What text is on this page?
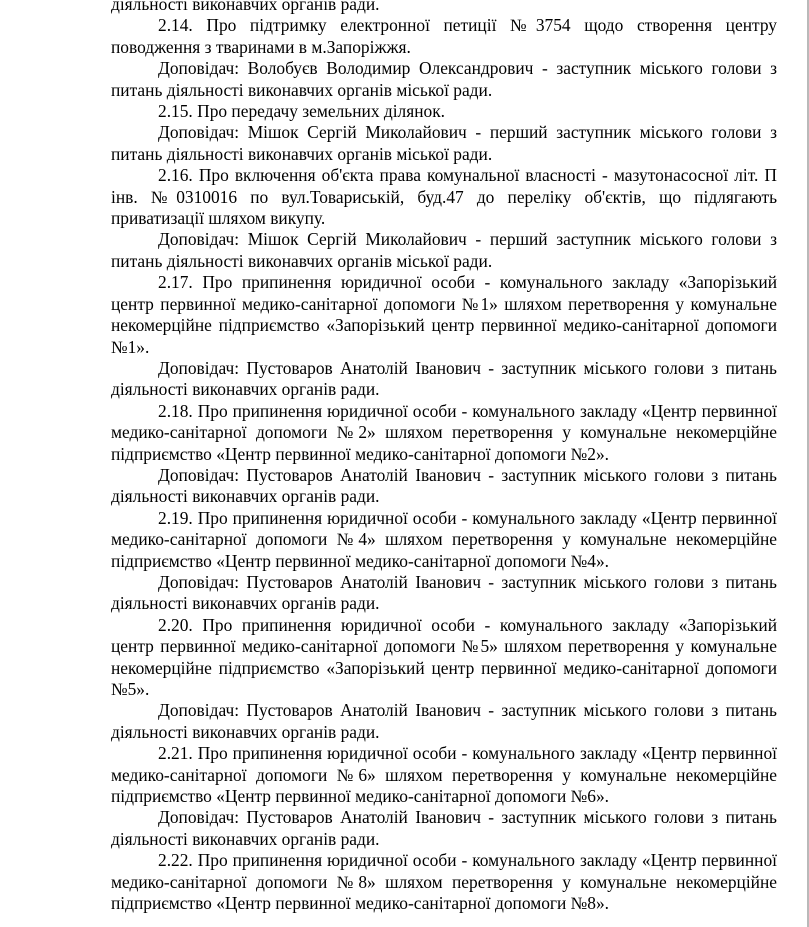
діяльності виконавчих органів ради.

2.14. Про підтримку електронної петиції №3754 щодо створення центру поводження з тваринами в м.Запоріжжя.

Доповідач: Волобуєв Володимир Олександрович - заступник міського голови з питань діяльності виконавчих органів міської ради.

2.15. Про передачу земельних ділянок.

Доповідач: Мішок Сергій Миколайович - перший заступник міського голови з питань діяльності виконавчих органів міської ради.

2.16. Про включення об'єкта права комунальної власності - мазутонасосної літ. П інв. №0310016 по вул.Товариській, буд.47 до переліку об'єктів, що підлягають приватизації шляхом викупу.

Доповідач: Мішок Сергій Миколайович - перший заступник міського голови з питань діяльності виконавчих органів міської ради.

2.17. Про припинення юридичної особи - комунального закладу «Запорізький центр первинної медико-санітарної допомоги №1» шляхом перетворення у комунальне некомерційне підприємство «Запорізький центр первинної медико-санітарної допомоги №1».

Доповідач: Пустоваров Анатолій Іванович - заступник міського голови з питань діяльності виконавчих органів ради.

2.18. Про припинення юридичної особи - комунального закладу «Центр первинної медико-санітарної допомоги №2» шляхом перетворення у комунальне некомерційне підприємство «Центр первинної медико-санітарної допомоги №2».

Доповідач: Пустоваров Анатолій Іванович - заступник міського голови з питань діяльності виконавчих органів ради.

2.19. Про припинення юридичної особи - комунального закладу «Центр первинної медико-санітарної допомоги №4» шляхом перетворення у комунальне некомерційне підприємство «Центр первинної медико-санітарної допомоги №4».

Доповідач: Пустоваров Анатолій Іванович - заступник міського голови з питань діяльності виконавчих органів ради.

2.20. Про припинення юридичної особи - комунального закладу «Запорізький центр первинної медико-санітарної допомоги №5» шляхом перетворення у комунальне некомерційне підприємство «Запорізький центр первинної медико-санітарної допомоги №5».

Доповідач: Пустоваров Анатолій Іванович - заступник міського голови з питань діяльності виконавчих органів ради.

2.21. Про припинення юридичної особи - комунального закладу «Центр первинної медико-санітарної допомоги №6» шляхом перетворення у комунальне некомерційне підприємство «Центр первинної медико-санітарної допомоги №6».

Доповідач: Пустоваров Анатолій Іванович - заступник міського голови з питань діяльності виконавчих органів ради.

2.22. Про припинення юридичної особи - комунального закладу «Центр первинної медико-санітарної допомоги №8» шляхом перетворення у комунальне некомерційне підприємство «Центр первинної медико-санітарної допомоги №8».
